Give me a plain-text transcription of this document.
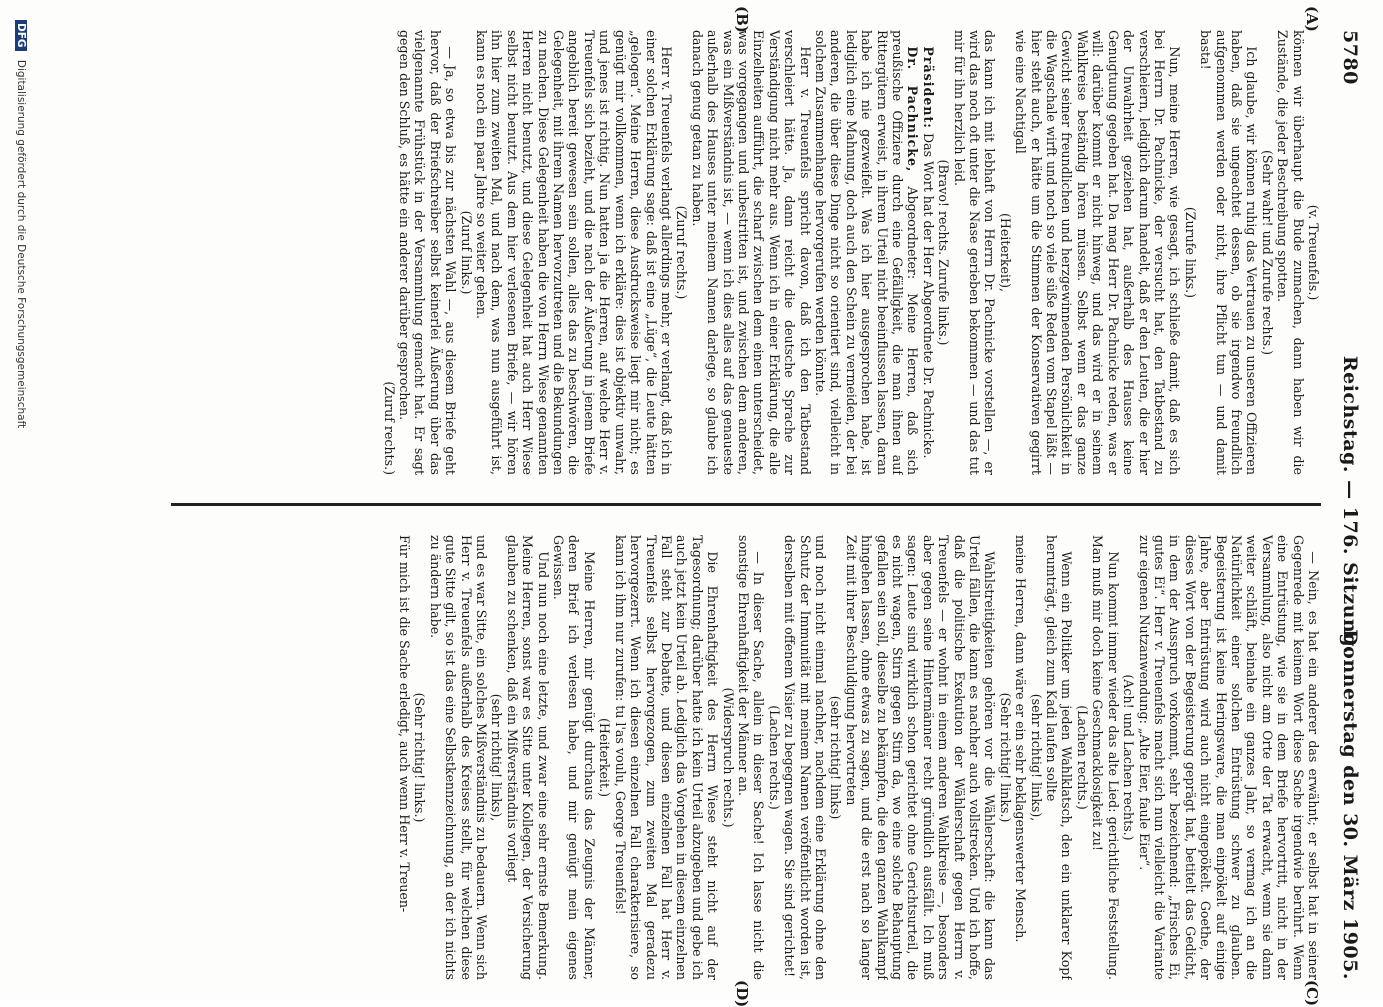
5780
Reichstag. — 176. Sitzung.
Donnerstag den 30. März 1905.

(v. Treuenfels.)

können wir überhaupt die Bude zumachen, dann haben wir die Zustände, die jeder Beschreibung spotten.

(Sehr wahr! und Zurufe rechts.)

Ich glaube, wir können ruhig das Vertrauen zu unseren Offizieren haben, daß sie ungeachtet dessen, ob sie irgendwo freundlich aufgenommen werden oder nicht, ihre Pflicht tun — und damit basta!

(Zurufe links.)

Nun, meine Herren, wie gesagt, ich schließe damit, daß es sich bei Herrn Dr. Pachnicke, der versucht hat, den Tatbestand zu verschleiern, lediglich darum handelt, daß er den Leuten, die er hier der Unwahrheit geziehen hat, außerhalb des Hauses keine Genugtuung gegeben hat. Da mag Herr Dr. Pachnicke reden, was er will: darüber kommt er nicht hinweg, und das wird er in seinem Wahlkreise beständig hören müssen. Selbst wenn er das ganze Gewicht seiner freundlichen und herzgewinnenden Persönlichkeit in die Wagschale wirft und noch so viele süße Reden vom Stapel läßt — hier steht auch, er hätte um die Stimmen der Konservativen gegirrt wie eine Nachtigall

(Heiterkeit),

das kann ich mit lebhaft von Herrn Dr. Pachnicke vorstellen —, er wird das noch oft unter die Nase gerieben bekommen — und das tut mir für ihn herzlich leid.

(Bravo! rechts. Zurufe links.)

Präsident: Das Wort hat der Herr Abgeordnete Dr. Pachnicke.

Dr. Pachnicke, Abgeordneter: Meine Herren, daß sich preußische Offiziere durch eine Gefälligkeit, die man ihnen auf Rittergütern erweist, in ihrem Urteil nicht beeinflussen lassen, daran habe ich nie gezweifelt. Was ich hier ausgesprochen habe, ist lediglich eine Mahnung, doch auch den Schein zu vermeiden, der bei anderen, die über diese Dinge nicht so orientiert sind, vielleicht in solchem Zusammenhange hervorgerufen werden könnte.

Herr v. Treuenfels spricht davon, daß ich den Tatbestand verschleiert hätte. Ja, dann reicht die deutsche Sprache zur Verständigung nicht mehr aus. Wenn ich in einer Erklärung, die alle Einzelheiten aufführt, die scharf zwischen dem einen unterscheidet, was vorgegangen und unbestritten ist, und zwischen dem anderen, was ein Mißverständnis ist, — wenn ich dies alles auf das genaueste außerhalb des Hauses unter meinem Namen darlege, so glaube ich danach genug getan zu haben.

(Zuruf rechts.)

Herr v. Treuenfels verlangt allerdings mehr, er verlangt, daß ich in einer solchen Erklärung sage: daß ist eine „Lüge“, die Leute hätten „gelogen“. Meine Herren, diese Ausdrucksweise liegt mir nicht; es genügt mir vollkommen, wenn ich erkläre: dies ist objektiv unwahr, und jenes ist richtig. Nun hatten ja die Herren, auf welche Herr v. Treuenfels sich bezieht, und die nach der Äußerung in jenem Briefe angeblich bereit gewesen sein sollen, alles das zu beschwören, die Gelegenheit, mit ihrem Namen hervorzutreten und die Bekundungen zu machen. Diese Gelegenheit haben die von Herrn Wiese genannten Herren nicht benutzt, und diese Gelegenheit hat auch Herr Wiese selbst nicht benutzt. Aus dem hier verlesenen Briefe, — wir hören ihn hier zum zweiten Mal, und nach dem, was nun ausgeführt ist, kann es noch ein paar Jahre so weiter gehen.

(Zuruf links.)

— Ja, so etwa bis zur nächsten Wahl —, aus diesem Briefe geht hervor, daß der Briefschreiber selbst keinerlei Äußerung über das vielgenannte Frühstück in der Versammlung gemacht hat. Er sagt gegen den Schluß, es hätte ein anderer darüber gesprochen.

(Zuruf rechts.)

— Nein, es hat ein anderer das erwähnt; er selbst hat in seiner Gegenrede mit keinem Wort diese Sache irgendwie berührt. Wenn eine Entrüstung, wie sie in dem Briefe hervortritt, nicht in der Versammlung, also nicht am Orte der Tat erwacht, wenn sie dann weiter schläft, beinahe ein ganzes Jahr, so vermag ich an die Natürlichkeit einer solchen Entrüstung schwer zu glauben. Begeisterung ist keine Heringsware, die man einpökelt auf einige Jahre, aber Entrüstung wird auch nicht eingepökelt. Goethe, der dieses Wort von der Begeisterung geprägt hat, betitelt das Gedicht, in dem der Ausspruch vorkommt, sehr bezeichnend: „Frisches Ei, gutes Ei“. Herr v. Treuenfels macht sich nun vielleicht die Variante zur eigenen Nutzanwendung: „Alte Eier, faule Eier“.

(Ach! und Lachen rechts.)

Nun kommt immer wieder das alte Lied: gerichtliche Feststellung. Man muß mir doch keine Geschmacklosigkeit zu!

(Lachen rechts.)

Wenn ein Politiker um jeden Wahlklatsch, den ein unklarer Kopf herumträgt, gleich zum Kadi laufen sollte

(sehr richtig! links),

meine Herren, dann wäre er ein sehr beklagenswerter Mensch.

(Sehr richtig! links.)

Wahlstreitigkeiten gehören vor die Wählerschaft: die kann das Urteil fällen, die kann es nachher auch vollstrecken. Und ich hoffe, daß die politische Exekution der Wählerschaft gegen Herrn v. Treuenfels — er wohnt in einem anderen Wahlkreise —, besonders aber gegen seine Hintermänner recht gründlich ausfällt. Ich muß sagen: Leute sind wirklich schon gerichtet ohne Gerichtsurteil, die es nicht wagen, Stirn gegen Stirn da, wo eine solche Behauptung gefallen sein soll, dieselbe zu bekämpfen, die den ganzen Wahlkampf hingehen lassen, ohne etwas zu sagen, und die erst nach so langer Zeit mit ihrer Beschuldigung hervortreten

(sehr richtig! links)

und noch nicht einmal nachher, nachdem eine Erklärung ohne den Schutz der Immunität mit meinem Namen veröffentlicht worden ist, derselben mit offenem Visier zu begegnen wagen. Sie sind gerichtet!

(Lachen rechts.)

— In dieser Sache, allein in dieser Sache! Ich lasse nicht die sonstige Ehrenhaftigkeit der Männer an.

(Widerspruch rechts.)

Die Ehrenhaftigkeit des Herrn Wiese steht nicht auf der Tagesordnung; darüber hatte ich kein Urteil abzugeben und gebe ich auch jetzt kein Urteil ab. Lediglich das Vorgehen in diesem einzelnen Fall steht zur Debatte, und diesen einzelnen Fall hat Herr v. Treuenfels selbst hervorgezogen, zum zweiten Mal geradezu hervorgezerrt. Wenn ich diesen einzelnen Fall charakterisiere, so kann ich ihm nur zurufen: tu l'as voulu, George Treuenfels!

(Heiterkeit.)

Meine Herren, mir genügt durchaus das Zeugnis der Männer, deren Brief ich verlesen habe, und mir genügt mein eigenes Gewissen.

Und nun noch eine letzte, und zwar eine sehr ernste Bemerkung. Meine Herren, sonst war es Sitte unter Kollegen, der Versicherung glauben zu schenken, daß ein Mißverständnis vorliegt

(sehr richtig! links),

und es war Sitte, ein solches Mißverständnis zu bedauern. Wenn sich Herr v. Treuenfels außerhalb des Kreises stellt, für welchen diese gute Sitte gilt, so ist das eine Selbstkennzeichnung, an der ich nichts zu ändern habe.

(Sehr richtig! links.)

Für mich ist die Sache erledigt, auch wenn Herr v. Treuen-

(A)
(B)
(C)
(D)
DFG Digitalisierung gefördert durch die Deutsche Forschungsgemeinschaft
